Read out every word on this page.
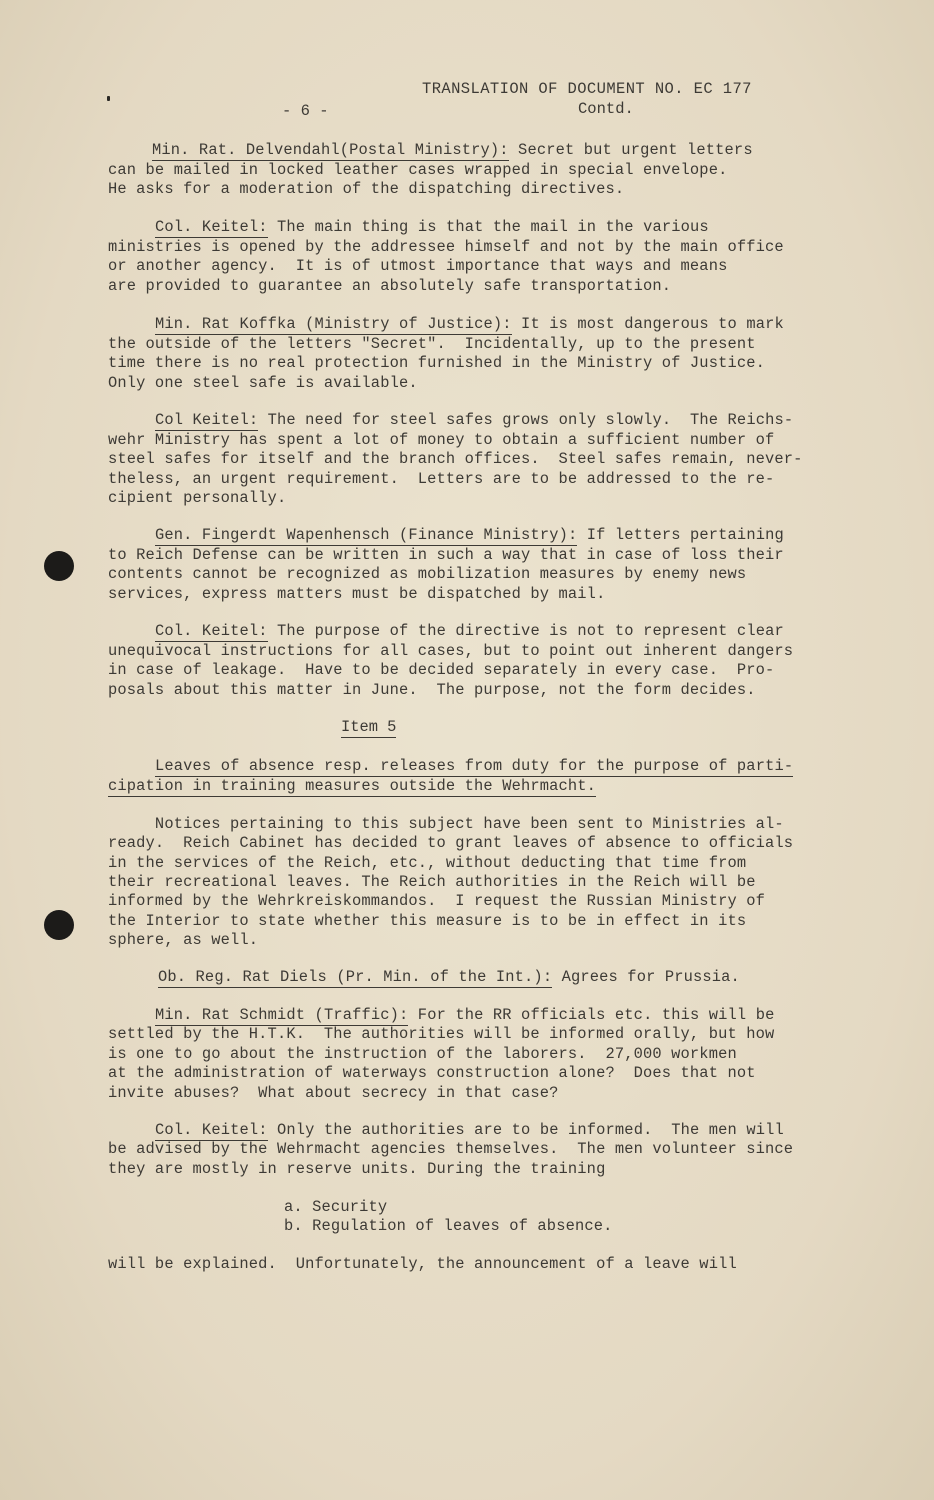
TRANSLATION OF DOCUMENT NO. EC 177
- 6 -	Contd.
Min. Rat. Delvendahl(Postal Ministry): Secret but urgent letters
can be mailed in locked leather cases wrapped in special envelope.
He asks for a moderation of the dispatching directives.
Col. Keitel: The main thing is that the mail in the various
ministries is opened by the addressee himself and not by the main office
or another agency.  It is of utmost importance that ways and means
are provided to guarantee an absolutely safe transportation.
Min. Rat Koffka (Ministry of Justice): It is most dangerous to mark
the outside of the letters "Secret".  Incidentally, up to the present
time there is no real protection furnished in the Ministry of Justice.
Only one steel safe is available.
Col Keitel: The need for steel safes grows only slowly.  The Reichs-
wehr Ministry has spent a lot of money to obtain a sufficient number of
steel safes for itself and the branch offices.  Steel safes remain, never-
theless, an urgent requirement.  Letters are to be addressed to the re-
cipient personally.
Gen. Fingerdt Wapenhensch (Finance Ministry): If letters pertaining
to Reich Defense can be written in such a way that in case of loss their
contents cannot be recognized as mobilization measures by enemy news
services, express matters must be dispatched by mail.
Col. Keitel: The purpose of the directive is not to represent clear
unequivocal instructions for all cases, but to point out inherent dangers
in case of leakage.  Have to be decided separately in every case.  Pro-
posals about this matter in June.  The purpose, not the form decides.
Item 5
Leaves of absence resp. releases from duty for the purpose of parti-
cipation in training measures outside the Wehrmacht.
Notices pertaining to this subject have been sent to Ministries al-
ready.  Reich Cabinet has decided to grant leaves of absence to officials
in the services of the Reich, etc., without deducting that time from
their recreational leaves. The Reich authorities in the Reich will be
informed by the Wehrkreiskommandos.  I request the Russian Ministry of
the Interior to state whether this measure is to be in effect in its
sphere, as well.
Ob. Reg. Rat Diels (Pr. Min. of the Int.): Agrees for Prussia.
Min. Rat Schmidt (Traffic): For the RR officials etc. this will be
settled by the H.T.K.  The authorities will be informed orally, but how
is one to go about the instruction of the laborers.  27,000 workmen
at the administration of waterways construction alone?  Does that not
invite abuses?  What about secrecy in that case?
Col. Keitel: Only the authorities are to be informed.  The men will
be advised by the Wehrmacht agencies themselves.  The men volunteer since
they are mostly in reserve units. During the training
a. Security
b. Regulation of leaves of absence.
will be explained.  Unfortunately, the announcement of a leave will
